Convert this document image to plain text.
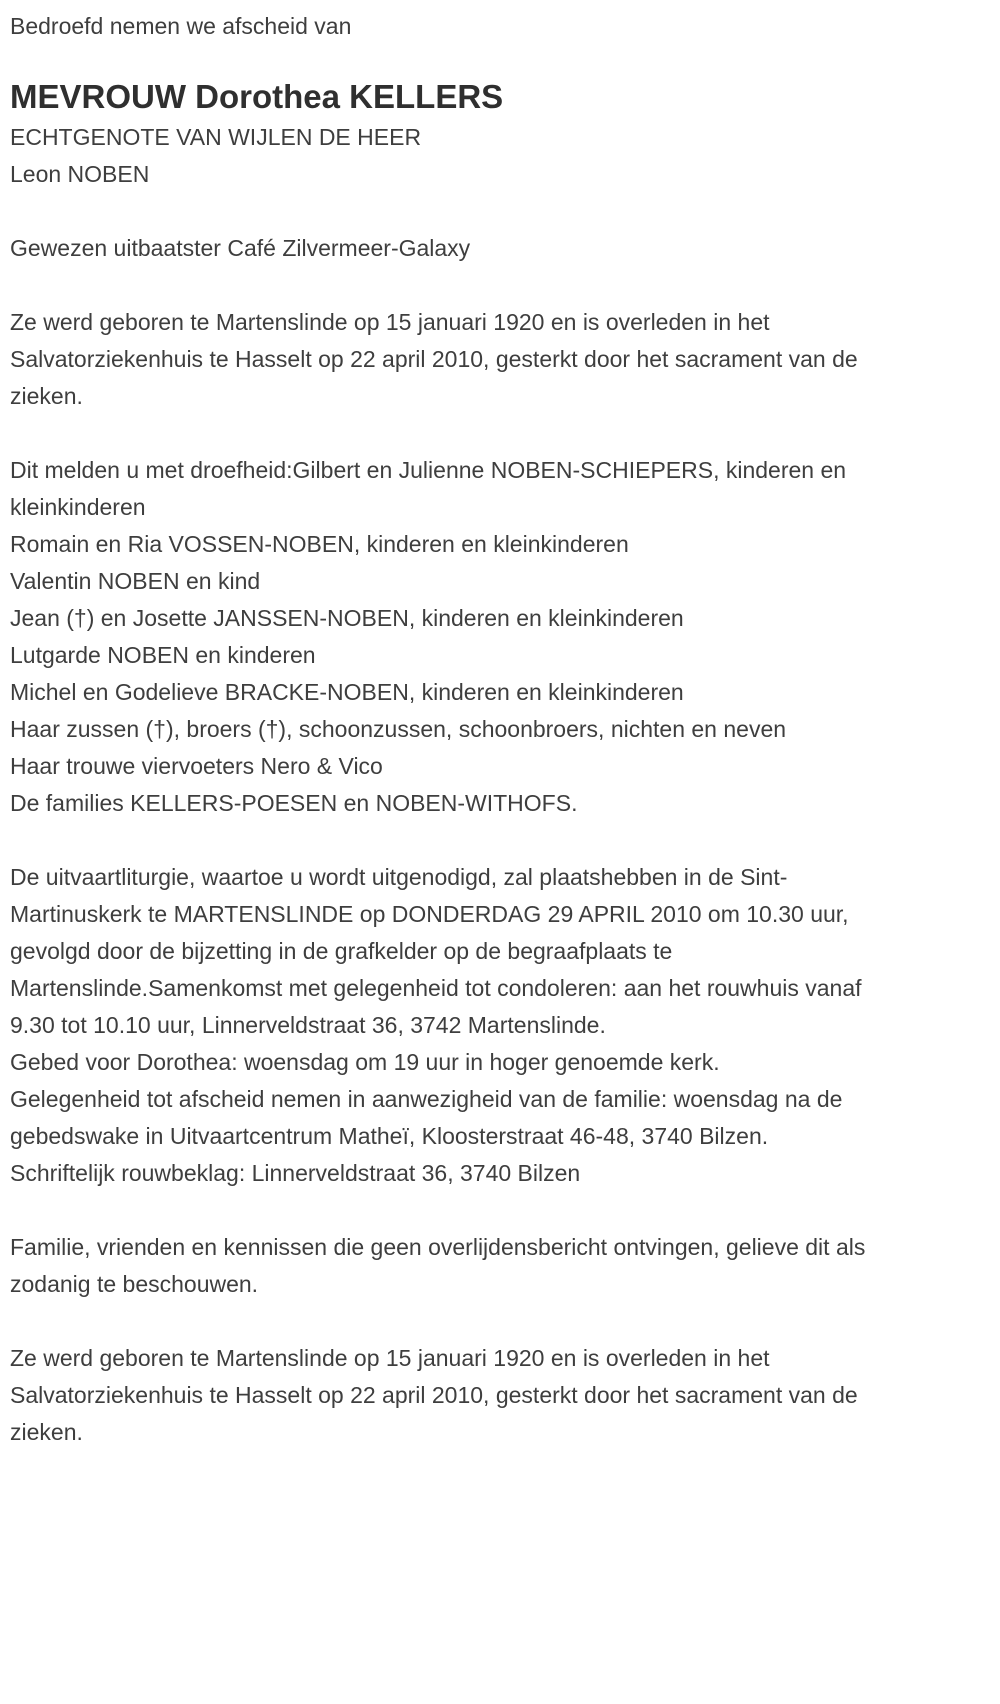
Bedroefd nemen we afscheid van

MEVROUW Dorothea KELLERS

ECHTGENOTE VAN WIJLEN DE HEER

Leon NOBEN

Gewezen uitbaatster Café Zilvermeer-Galaxy

Ze werd geboren te Martenslinde op 15 januari 1920 en is overleden in het Salvatorziekenhuis te Hasselt op 22 april 2010, gesterkt door het sacrament van de zieken.

Dit melden u met droefheid:Gilbert en Julienne NOBEN-SCHIEPERS, kinderen en kleinkinderen

Romain en Ria VOSSEN-NOBEN, kinderen en kleinkinderen

Valentin NOBEN en kind

Jean (†) en Josette JANSSEN-NOBEN, kinderen en kleinkinderen

Lutgarde NOBEN en kinderen

Michel en Godelieve BRACKE-NOBEN, kinderen en kleinkinderen

Haar zussen (†), broers (†), schoonzussen, schoonbroers, nichten en neven

Haar trouwe viervoeters Nero & Vico

De families KELLERS-POESEN en NOBEN-WITHOFS.

De uitvaartliturgie, waartoe u wordt uitgenodigd, zal plaatshebben in de Sint-Martinuskerk te MARTENSLINDE op DONDERDAG 29 APRIL 2010 om 10.30 uur, gevolgd door de bijzetting in de grafkelder op de begraafplaats te Martenslinde.Samenkomst met gelegenheid tot condoleren: aan het rouwhuis vanaf 9.30 tot 10.10 uur, Linnerveldstraat 36, 3742 Martenslinde.

Gebed voor Dorothea: woensdag om 19 uur in hoger genoemde kerk.

Gelegenheid tot afscheid nemen in aanwezigheid van de familie: woensdag na de gebedswake in Uitvaartcentrum Matheï, Kloosterstraat 46-48, 3740 Bilzen.

Schriftelijk rouwbeklag: Linnerveldstraat 36, 3740 Bilzen

Familie, vrienden en kennissen die geen overlijdensbericht ontvingen, gelieve dit als zodanig te beschouwen.

Ze werd geboren te Martenslinde op 15 januari 1920 en is overleden in het Salvatorziekenhuis te Hasselt op 22 april 2010, gesterkt door het sacrament van de zieken.
